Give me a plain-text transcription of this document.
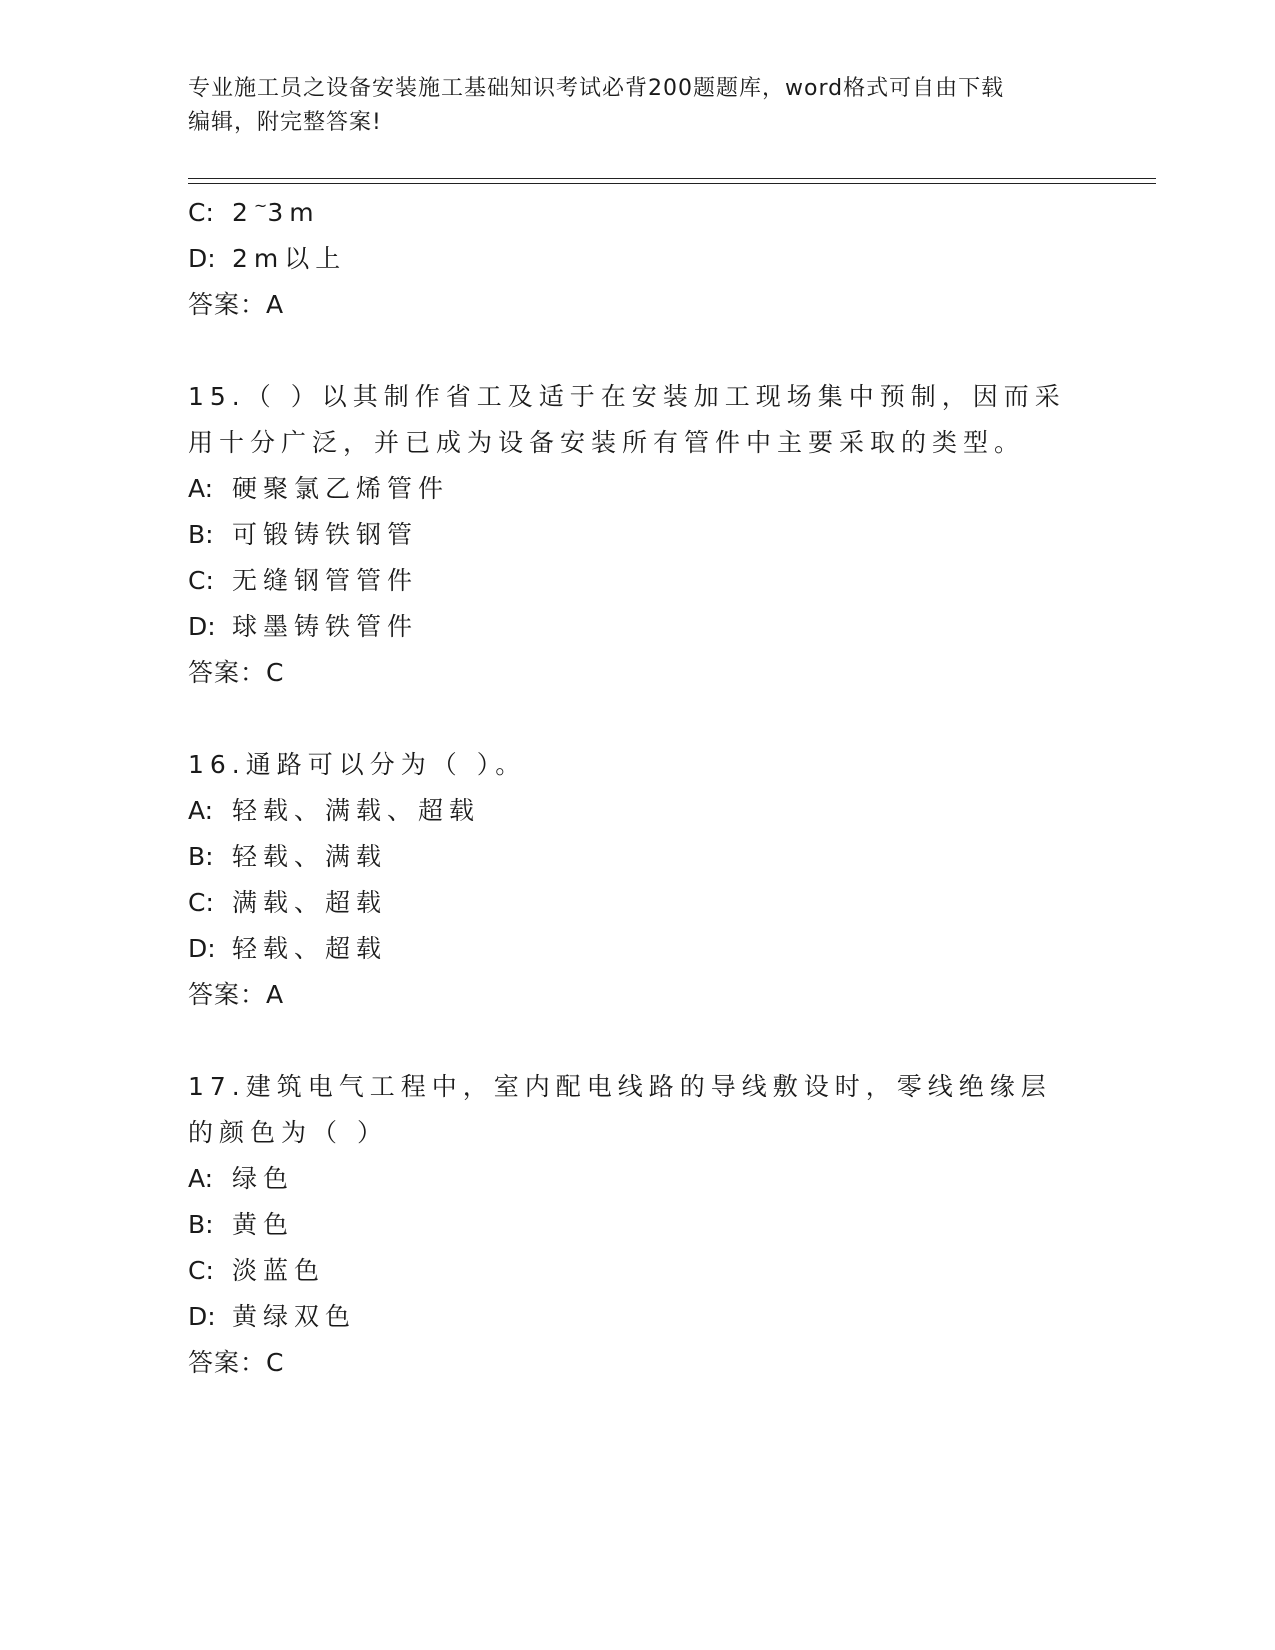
专业施工员之设备安装施工基础知识考试必背200题题库，word格式可自由下载
编辑，附完整答案!
C: 2~3m
D: 2m以上
答案：A
15.（ ）以其制作省工及适于在安装加工现场集中预制，因而采用十分广泛，并已成为设备安装所有管件中主要采取的类型。
A: 硬聚氯乙烯管件
B: 可锻铸铁钢管
C: 无缝钢管管件
D: 球墨铸铁管件
答案：C
16.通路可以分为（ ）。
A: 轻载、满载、超载
B: 轻载、满载
C: 满载、超载
D: 轻载、超载
答案：A
17.建筑电气工程中，室内配电线路的导线敷设时，零线绝缘层的颜色为（ ）
A: 绿色
B: 黄色
C: 淡蓝色
D: 黄绿双色
答案：C
